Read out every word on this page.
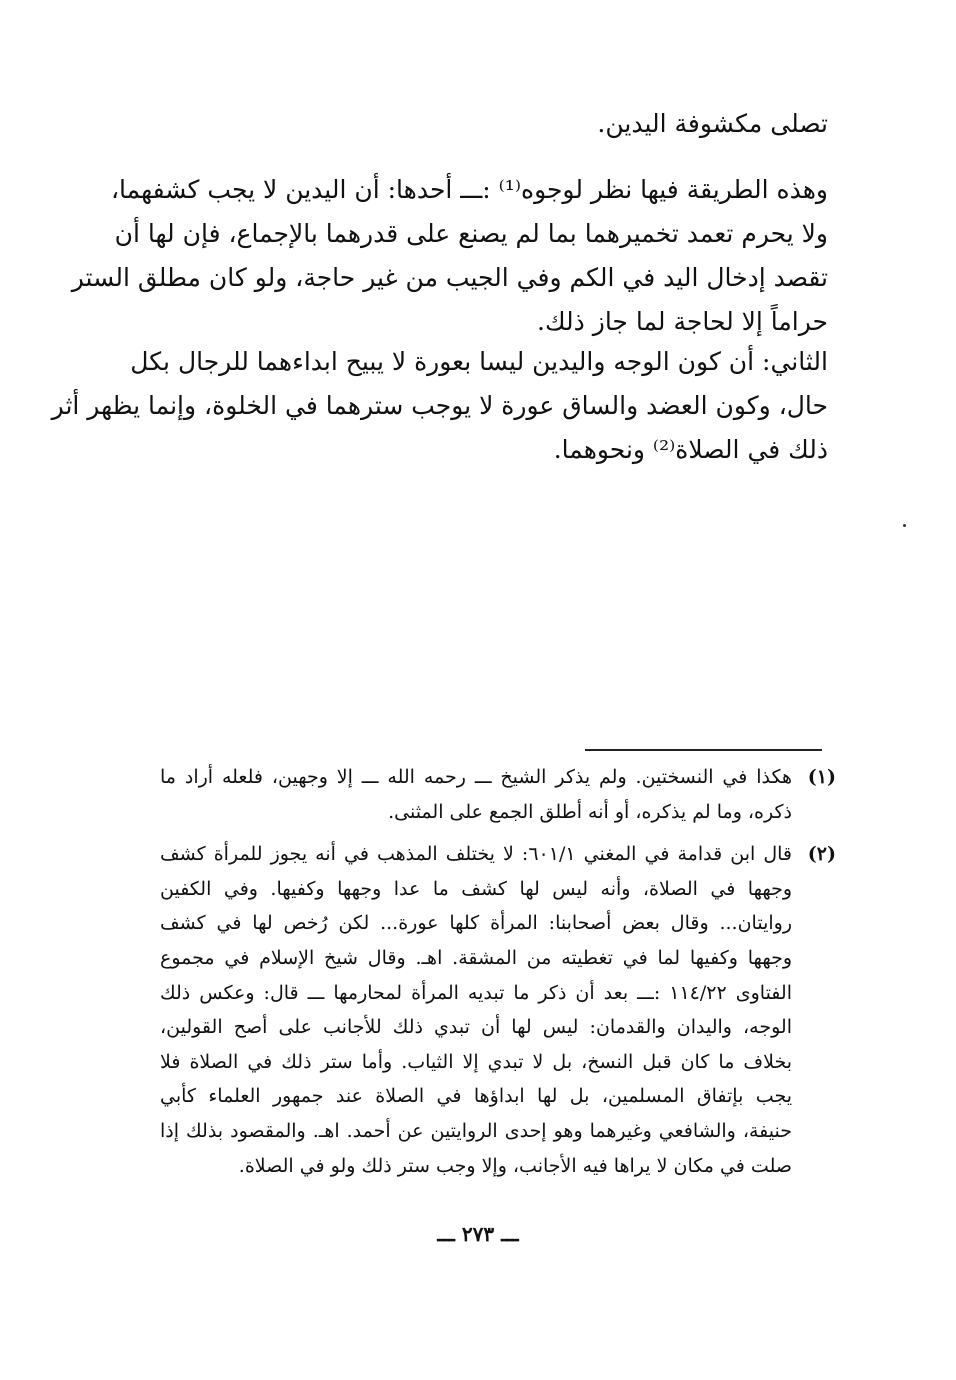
تصلى مكشوفة اليدين.
وهذه الطريقة فيها نظر لوجوه⁽¹⁾ :ـــ أحدها: أن اليدين لا يجب كشفهما،
ولا يحرم تعمد تخميرهما بما لم يصنع على قدرهما بالإجماع، فإن لها أن
تقصد إدخال اليد في الكم وفي الجيب من غير حاجة، ولو كان مطلق الستر
حراماً إلا لحاجة لما جاز ذلك.
الثاني: أن كون الوجه واليدين ليسا بعورة لا يبيح ابداءهما للرجال بكل
حال، وكون العضد والساق عورة لا يوجب سترهما في الخلوة، وإنما يظهر أثر
ذلك في الصلاة⁽²⁾ ونحوهما.
(١)
هكذا في النسختين. ولم يذكر الشيخ ـــ رحمه الله ـــ إلا وجهين، فلعله أراد ما
ذكره، وما لم يذكره، أو أنه أطلق الجمع على المثنى.
(٢)
قال ابن قدامة في المغني ٦٠١/١: لا يختلف المذهب في أنه يجوز للمرأة كشف
وجهها في الصلاة، وأنه ليس لها كشف ما عدا وجهها وكفيها. وفي الكفين
روايتان... وقال بعض أصحابنا: المرأة كلها عورة... لكن رُخص لها في كشف
وجهها وكفيها لما في تغطيته من المشقة. اهـ. وقال شيخ الإسلام في مجموع
الفتاوى ١١٤/٢٢ :ـــ بعد أن ذكر ما تبديه المرأة لمحارمها ـــ قال: وعكس ذلك
الوجه، واليدان والقدمان: ليس لها أن تبدي ذلك للأجانب على أصح القولين،
بخلاف ما كان قبل النسخ، بل لا تبدي إلا الثياب. وأما ستر ذلك في الصلاة فلا
يجب بإتفاق المسلمين، بل لها ابداؤها في الصلاة عند جمهور العلماء كأبي
حنيفة، والشافعي وغيرهما وهو إحدى الروايتين عن أحمد. اهـ. والمقصود بذلك إذا
صلت في مكان لا يراها فيه الأجانب، وإلا وجب ستر ذلك ولو في الصلاة.
ـــ ٢٧٣ ـــ
